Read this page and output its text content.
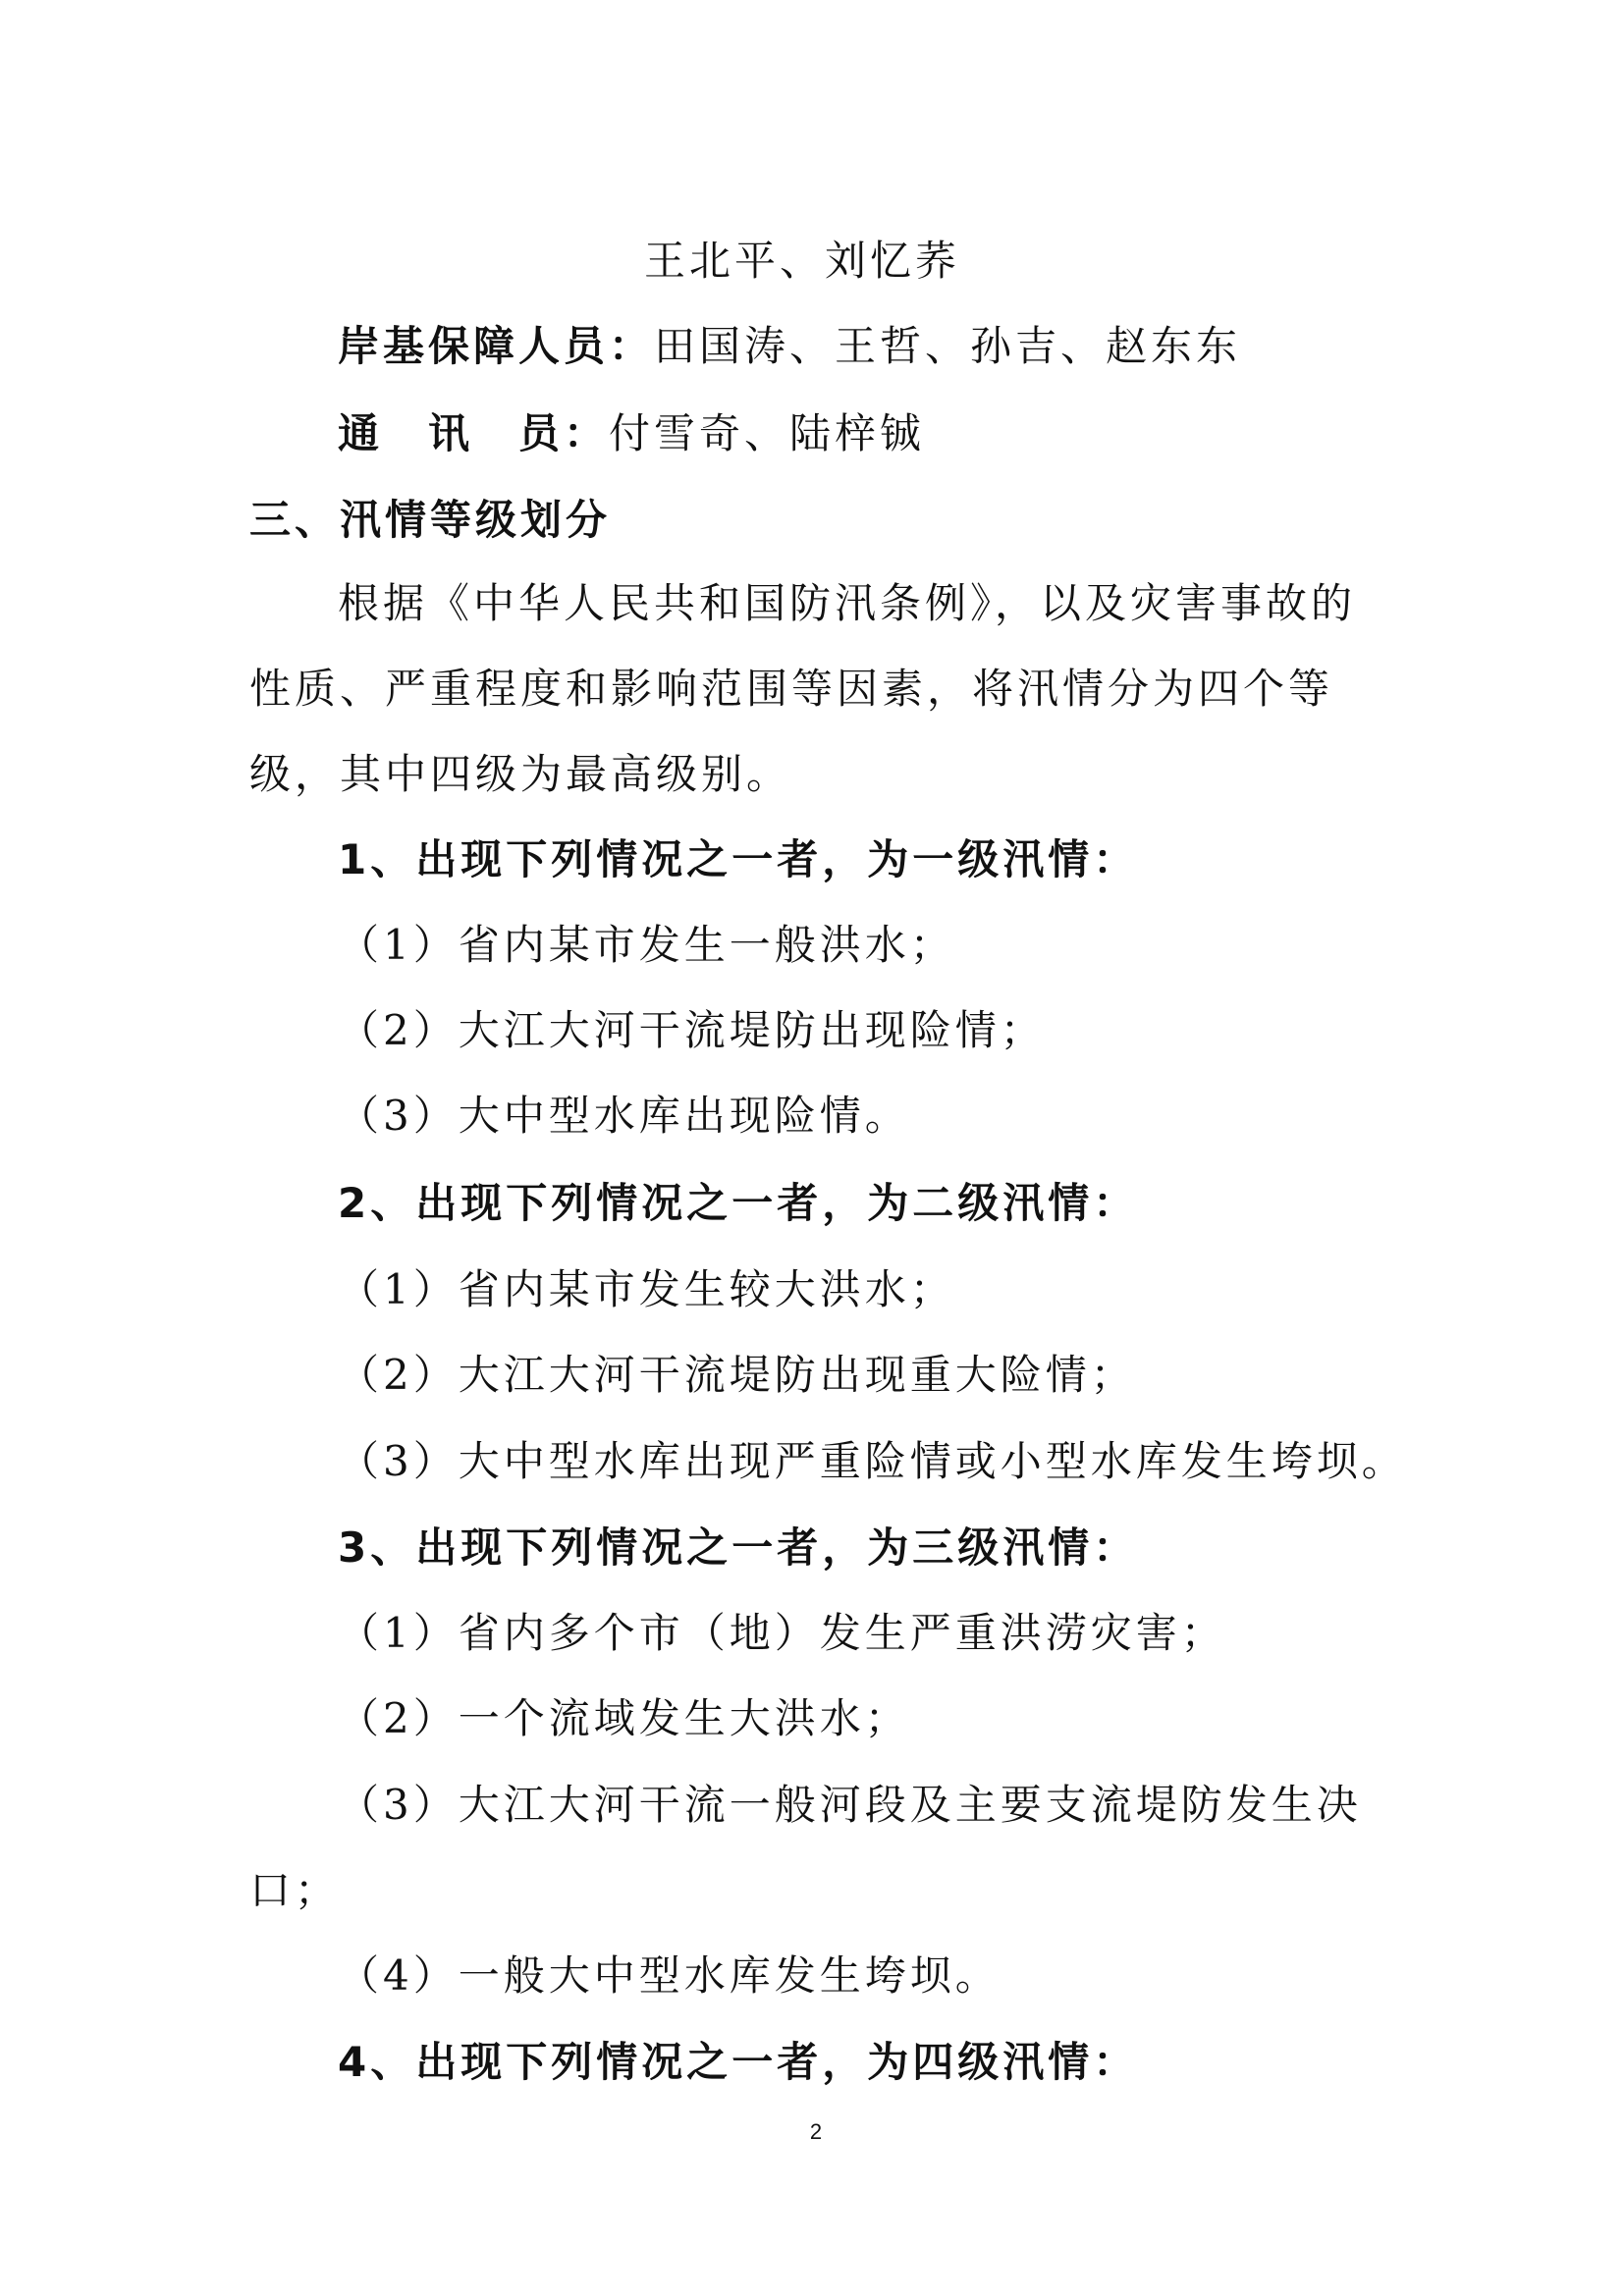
王北平、刘忆荞
岸基保障人员：田国涛、王哲、孙吉、赵东东
通　讯　员：付雪奇、陆梓铖
三、汛情等级划分
根据《中华人民共和国防汛条例》，以及灾害事故的
性质、严重程度和影响范围等因素，将汛情分为四个等
级，其中四级为最高级别。
1、出现下列情况之一者，为一级汛情：
（1）省内某市发生一般洪水；
（2）大江大河干流堤防出现险情；
（3）大中型水库出现险情。
2、出现下列情况之一者，为二级汛情：
（1）省内某市发生较大洪水；
（2）大江大河干流堤防出现重大险情；
（3）大中型水库出现严重险情或小型水库发生垮坝。
3、出现下列情况之一者，为三级汛情：
（1）省内多个市（地）发生严重洪涝灾害；
（2）一个流域发生大洪水；
（3）大江大河干流一般河段及主要支流堤防发生决
口；
（4）一般大中型水库发生垮坝。
4、出现下列情况之一者，为四级汛情：
2
